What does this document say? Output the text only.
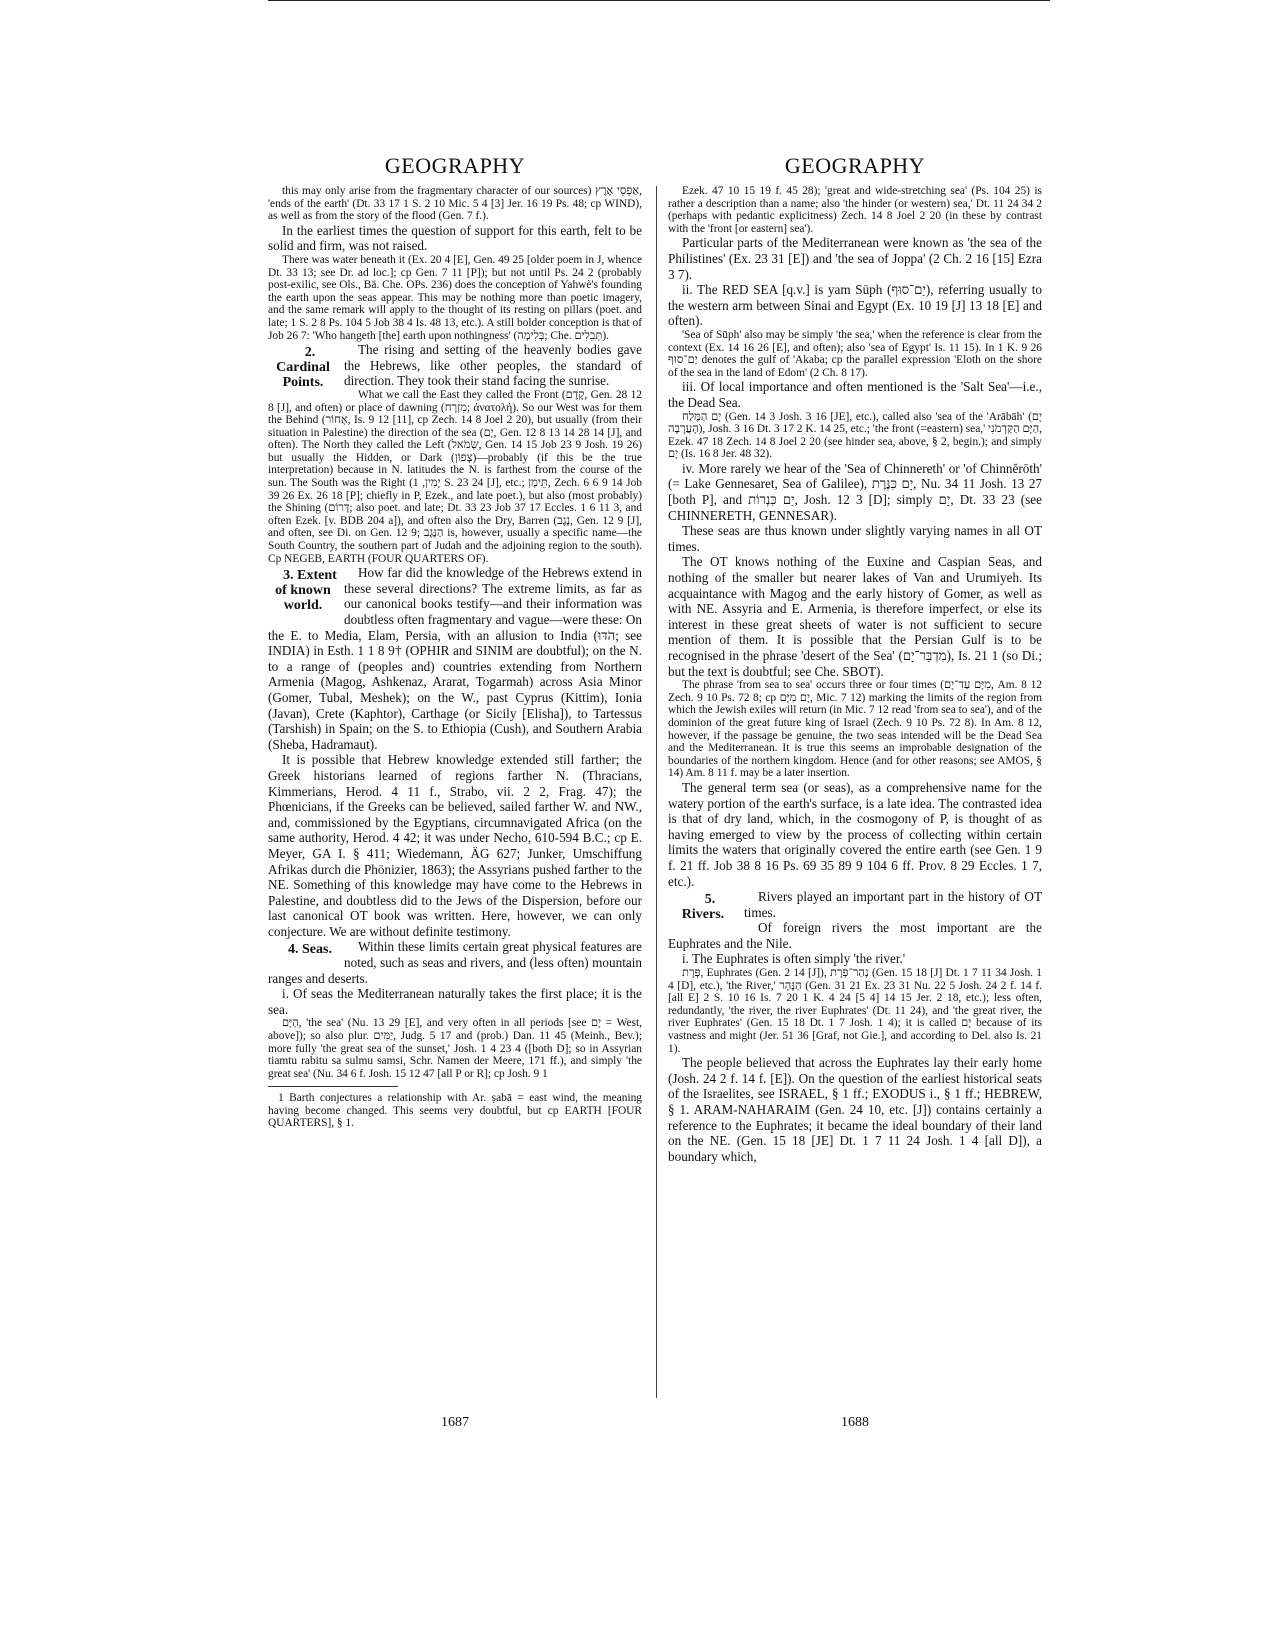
GEOGRAPHY	GEOGRAPHY

this may only arise from the fragmentary character of our sources) אַפְסֵי אֶרֶץ, 'ends of the earth' (Dt. 33 17 1 S. 2 10 Mic. 5 4 [3] Jer. 16 19 Ps. 48; cp WIND), as well as from the story of the flood (Gen. 7 f.).

In the earliest times the question of support for this earth, felt to be solid and firm, was not raised.

There was water beneath it (Ex. 20 4 [E], Gen. 49 25 [older poem in J, whence Dt. 33 13; see Dr. ad loc.]; cp Gen. 7 11 [P]); but not until Ps. 24 2 (probably post-exilic, see Ols., Bä. Che. OPs. 236) does the conception of Yahwè's founding the earth upon the seas appear. This may be nothing more than poetic imagery, and the same remark will apply to the thought of its resting on pillars (poet. and late; 1 S. 2 8 Ps. 104 5 Job 38 4 Is. 48 13, etc.). A still bolder conception is that of Job 26 7: 'Who hangeth [the] earth upon nothingness' (בְּלִימָה; Che. תְּבֵלִים).

2. Cardinal Points.
The rising and setting of the heavenly bodies gave the Hebrews, like other peoples, the standard of direction. They took their stand facing the sunrise.

What we call the East they called the Front (קֶדֶם, Gen. 28 12 8 [J], and often) or place of dawning (מִזְרָח; ἀνατολή). So our West was for them the Behind (אָחוֹר, Is. 9 12 [11], cp Zech. 14 8 Joel 2 20), but usually (from their situation in Palestine) the direction of the sea (יָם, Gen. 12 8 13 14 28 14 [J], and often). The North they called the Left (שְׂמֹאל, Gen. 14 15 Job 23 9 Josh. 19 26) but usually the Hidden, or Dark (צָפוֹן)—probably (if this be the true interpretation) because in N. latitudes the N. is farthest from the course of the sun. The South was the Right (יָמִין, 1 S. 23 24 [J], etc.; תֵּימָן, Zech. 6 6 9 14 Job 39 26 Ex. 26 18 [P]; chiefly in P, Ezek., and late poet.), but also (most probably) the Shining (דָּרוֹם; also poet. and late; Dt. 33 23 Job 37 17 Eccles. 1 6 11 3, and often Ezek. [v. BDB 204 a]), and often also the Dry, Barren (נֶגֶב, Gen. 12 9 [J], and often, see Di. on Gen. 12 9; הַנֶּגֶב is, however, usually a specific name—the South Country, the southern part of Judah and the adjoining region to the south). Cp NEGEB, EARTH (FOUR QUARTERS OF).

3. Extent of known world.
How far did the knowledge of the Hebrews extend in these several directions? The extreme limits, as far as our canonical books testify—and their information was doubtless often fragmentary and vague—were these: On the E. to Media, Elam, Persia, with an allusion to India (הֹדּוּ; see INDIA) in Esth. 1 1 8 9† (OPHIR and SINIM are doubtful); on the N. to a range of (peoples and) countries extending from Northern Armenia (Magog, Ashkenaz, Ararat, Togarmah) across Asia Minor (Gomer, Tubal, Meshek); on the W., past Cyprus (Kittim), Ionia (Javan), Crete (Kaphtor), Carthage (or Sicily [Elisha]), to Tartessus (Tarshish) in Spain; on the S. to Ethiopia (Cush), and Southern Arabia (Sheba, Hadramaut).

It is possible that Hebrew knowledge extended still farther; the Greek historians learned of regions farther N. (Thracians, Kimmerians, Herod. 4 11 f., Strabo, vii. 2 2, Frag. 47); the Phœnicians, if the Greeks can be believed, sailed farther W. and NW., and, commissioned by the Egyptians, circumnavigated Africa (on the same authority, Herod. 4 42; it was under Necho, 610-594 B.C.; cp E. Meyer, GA I. § 411; Wiedemann, ÄG 627; Junker, Umschiffung Afrikas durch die Phönizier, 1863); the Assyrians pushed farther to the NE. Something of this knowledge may have come to the Hebrews in Palestine, and doubtless did to the Jews of the Dispersion, before our last canonical OT book was written. Here, however, we can only conjecture. We are without definite testimony.

4. Seas.	Within these limits certain great physical features are noted, such as seas and rivers, and (less often) mountain ranges and deserts.

i. Of seas the Mediterranean naturally takes the first place; it is the sea.

הַיָּם, 'the sea' (Nu. 13 29 [E], and very often in all periods [see יָם = West, above]); so also plur. יַמִּים, Judg. 5 17 and (prob.) Dan. 11 45 (Meinh., Bev.); more fully 'the great sea of the sunset,' Josh. 1 4 23 4 ([both D]; so in Assyrian tiamtu rabitu sa sulmu samsi, Schr. Namen der Meere, 171 ff.), and simply 'the great sea' (Nu. 34 6 f. Josh. 15 12 47 [all P or R]; cp Josh. 9 1

1 Barth conjectures a relationship with Ar. ṣabā = east wind, the meaning having become changed. This seems very doubtful, but cp EARTH [FOUR QUARTERS], § 1.

Ezek. 47 10 15 19 f. 45 28); 'great and wide-stretching sea' (Ps. 104 25) is rather a description than a name; also 'the hinder (or western) sea,' Dt. 11 24 34 2 (perhaps with pedantic explicitness) Zech. 14 8 Joel 2 20 (in these by contrast with the 'front [or eastern] sea').

Particular parts of the Mediterranean were known as 'the sea of the Philistines' (Ex. 23 31 [E]) and 'the sea of Joppa' (2 Ch. 2 16 [15] Ezra 3 7).

ii. The RED SEA [q.v.] is yam Sūph (יַם־סוּף), referring usually to the western arm between Sinai and Egypt (Ex. 10 19 [J] 13 18 [E] and often).

'Sea of Sūph' also may be simply 'the sea,' when the reference is clear from the context (Ex. 14 16 26 [E], and often); also 'sea of Egypt' Is. 11 15). In 1 K. 9 26 יַם־סוּף denotes the gulf of 'Akaba; cp the parallel expression 'Eloth on the shore of the sea in the land of Edom' (2 Ch. 8 17).

iii. Of local importance and often mentioned is the 'Salt Sea'—i.e., the Dead Sea.

יָם הַמֶּלַח (Gen. 14 3 Josh. 3 16 [JE], etc.), called also 'sea of the 'Arābāh' (יָם הָעֲרָבָה), Josh. 3 16 Dt. 3 17 2 K. 14 25, etc.; 'the front (=eastern) sea,' הַיָּם הַקַּדְמֹנִי, Ezek. 47 18 Zech. 14 8 Joel 2 20 (see hinder sea, above, § 2, begin.); and simply יָם (Is. 16 8 Jer. 48 32).

iv. More rarely we hear of the 'Sea of Chinnereth' or 'of Chinnĕrōth' (= Lake Gennesaret, Sea of Galilee), יָם כִּנֶּרֶת, Nu. 34 11 Josh. 13 27 [both P], and יַם כִּנְרוֹת, Josh. 12 3 [D]; simply יָם, Dt. 33 23 (see CHINNERETH, GENNESAR).

These seas are thus known under slightly varying names in all OT times.

The OT knows nothing of the Euxine and Caspian Seas, and nothing of the smaller but nearer lakes of Van and Urumiyeh. Its acquaintance with Magog and the early history of Gomer, as well as with NE. Assyria and E. Armenia, is therefore imperfect, or else its interest in these great sheets of water is not sufficient to secure mention of them. It is possible that the Persian Gulf is to be recognised in the phrase 'desert of the Sea' (מִדְבַּר־יָם), Is. 21 1 (so Di.; but the text is doubtful; see Che. SBOT).

The phrase 'from sea to sea' occurs three or four times (מִיָּם עַד־יָם, Am. 8 12 Zech. 9 10 Ps. 72 8; cp יָם מִיָּם, Mic. 7 12) marking the limits of the region from which the Jewish exiles will return (in Mic. 7 12 read 'from sea to sea'), and of the dominion of the great future king of Israel (Zech. 9 10 Ps. 72 8). In Am. 8 12, however, if the passage be genuine, the two seas intended will be the Dead Sea and the Mediterranean. It is true this seems an improbable designation of the boundaries of the northern kingdom. Hence (and for other reasons; see AMOS, § 14) Am. 8 11 f. may be a later insertion.

The general term sea (or seas), as a comprehensive name for the watery portion of the earth's surface, is a late idea. The contrasted idea is that of dry land, which, in the cosmogony of P, is thought of as having emerged to view by the process of collecting within certain limits the waters that originally covered the entire earth (see Gen. 1 9 f. 21 ff. Job 38 8 16 Ps. 69 35 89 9 104 6 ff. Prov. 8 29 Eccles. 1 7, etc.).

5. Rivers.
Rivers played an important part in the history of OT times.

Of foreign rivers the most important are the Euphrates and the Nile.

i. The Euphrates is often simply 'the river.'

פְּרָת, Euphrates (Gen. 2 14 [J]), נְהַר־פְּרָת (Gen. 15 18 [J] Dt. 1 7 11 34 Josh. 1 4 [D], etc.), 'the River,' הַנָּהָר (Gen. 31 21 Ex. 23 31 Nu. 22 5 Josh. 24 2 f. 14 f. [all E] 2 S. 10 16 Is. 7 20 1 K. 4 24 [5 4] 14 15 Jer. 2 18, etc.); less often, redundantly, 'the river, the river Euphrates' (Dt. 11 24), and 'the great river, the river Euphrates' (Gen. 15 18 Dt. 1 7 Josh. 1 4); it is called יָם because of its vastness and might (Jer. 51 36 [Graf, not Gie.], and according to Del. also Is. 21 1).

The people believed that across the Euphrates lay their early home (Josh. 24 2 f. 14 f. [E]). On the question of the earliest historical seats of the Israelites, see ISRAEL, § 1 ff.; EXODUS i., § 1 ff.; HEBREW, § 1. ARAM-NAHARAIM (Gen. 24 10, etc. [J]) contains certainly a reference to the Euphrates; it became the ideal boundary of their land on the NE. (Gen. 15 18 [JE] Dt. 1 7 11 24 Josh. 1 4 [all D]), a boundary which,

1687	1688
